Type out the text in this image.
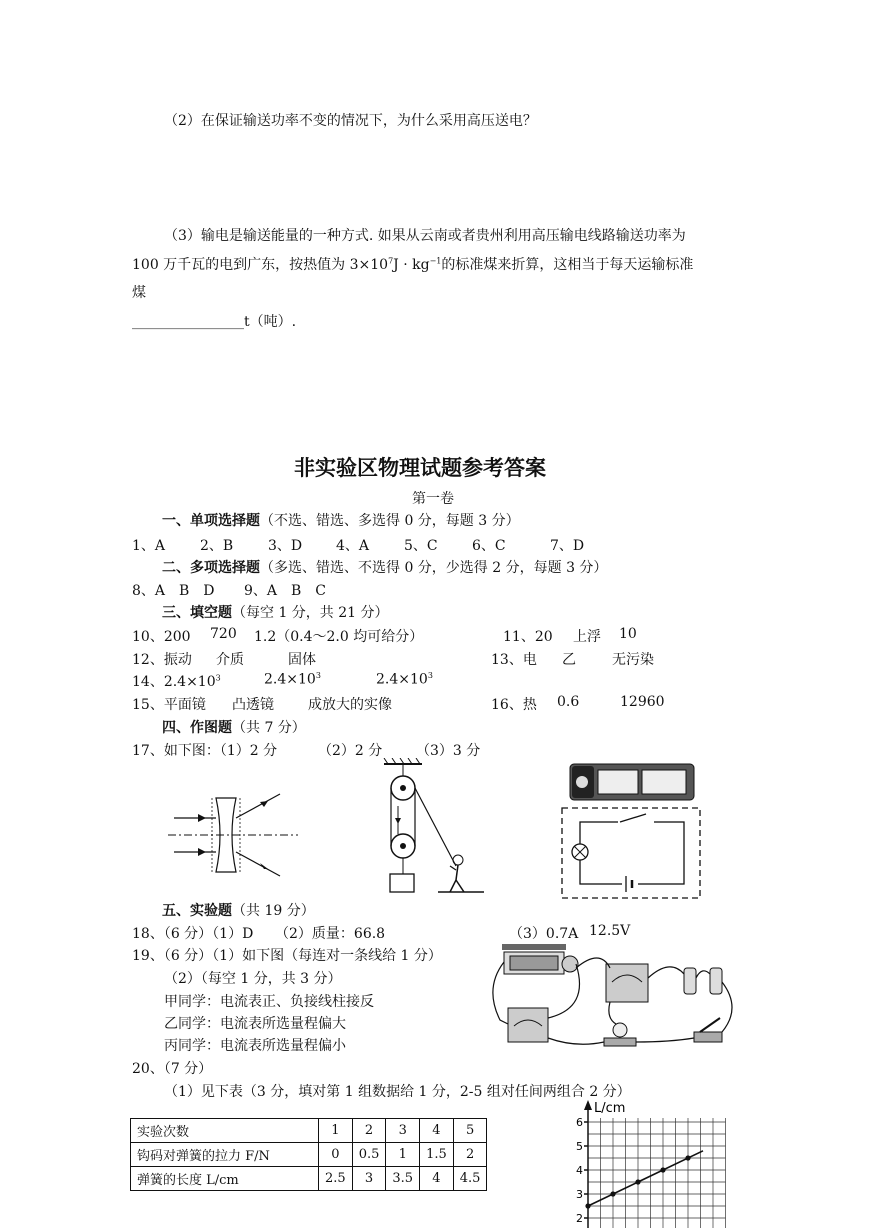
（2）在保证输送功率不变的情况下，为什么采用高压送电？
（3）输电是输送能量的一种方式. 如果从云南或者贵州利用高压输电线路输送功率为
100 万千瓦的电到广东，按热值为 $3\times 10^7J \cdot kg^{-1}$的标准煤来折算，这相当于每天运输标准
煤
________________t（吨）.
非实验区物理试题参考答案
第一卷
一、单项选择题（不选、错选、多选得 0 分，每题 3 分）
1、A 2、B 3、D 4、A 5、C 6、C	7、D
二、多项选择题（多选、错选、不选得 0 分，少选得 2 分，每题 3 分）
8、A　B　D 9、A　B　C
三、填空题（每空 1 分，共 21 分）
10、200 720 1.2（0.4～2.0 均可给分）	11、20 上浮 10
12、振动 介质	固体	13、电 乙	无污染
14、$2.4\times 10^3$	$2.4\times 10^3$	$2.4\times 10^3$
15、平面镜 凸透镜 成放大的实像	16、热 0.6	12960
四、作图题（共 7 分）
17、如下图：（1）2 分	（2）2 分 （3）3 分
五、实验题（共 19 分）
18、（6 分）（1）D （2）质量：66.8	（3）0.7A 12.5V
19、（6 分）（1）如下图（每连对一条线给 1 分）
（2）（每空 1 分，共 3 分）
甲同学：电流表正、负接线柱接反
乙同学：电流表所选量程偏大
丙同学：电流表所选量程偏小
20、（7 分）
（1）见下表（3 分，填对第 1 组数据给 1 分，2-5 组对任间两组合 2 分）
实验次数	1	2	3	4	5
钩码对弹簧的拉力 F/N	0	0.5	1	1.5	2
弹簧的长度 L/cm	2.5	3	3.5	4	4.5
L/cm
2
3
4
5
6
